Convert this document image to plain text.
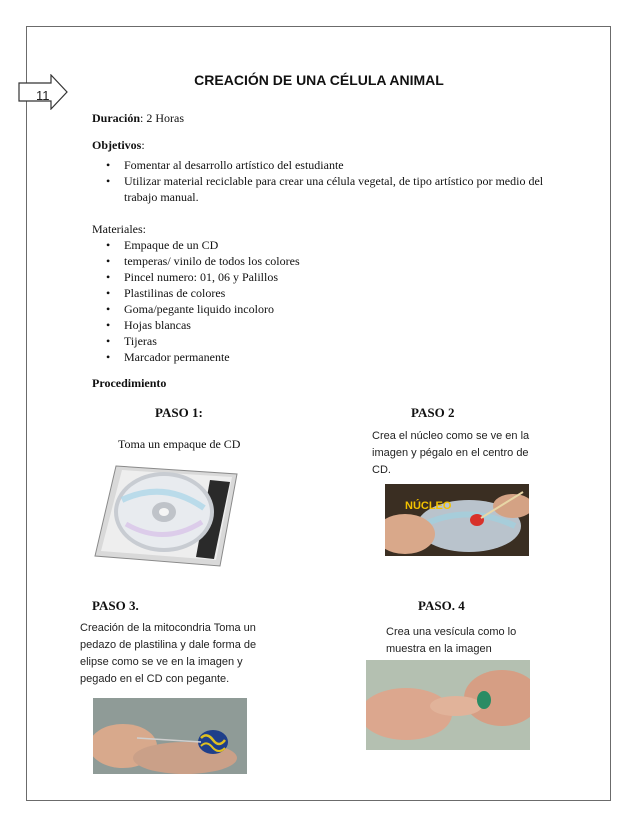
11
CREACIÓN DE UNA CÉLULA ANIMAL
Duración: 2 Horas
Objetivos:
• Fomentar al desarrollo artístico del estudiante
• Utilizar material reciclable para crear una célula vegetal, de tipo artístico por medio del
trabajo manual.
Materiales:
• Empaque de un CD
• temperas/ vinilo de todos los colores
• Pincel numero: 01, 06 y Palillos
• Plastilinas de colores
• Goma/pegante liquido incoloro
• Hojas blancas
• Tijeras
• Marcador permanente
Procedimiento
PASO 1:
Toma un empaque de CD
PASO 2
Crea el núcleo como se ve en la
imagen y pégalo en el centro de
CD.
NÚCLEO
PASO 3.
Creación de la mitocondria Toma un
pedazo de plastilina y dale forma de
elipse como se ve en la imagen y
pegado en el CD con pegante.
PASO. 4
Crea una vesícula como lo
muestra en la imagen
